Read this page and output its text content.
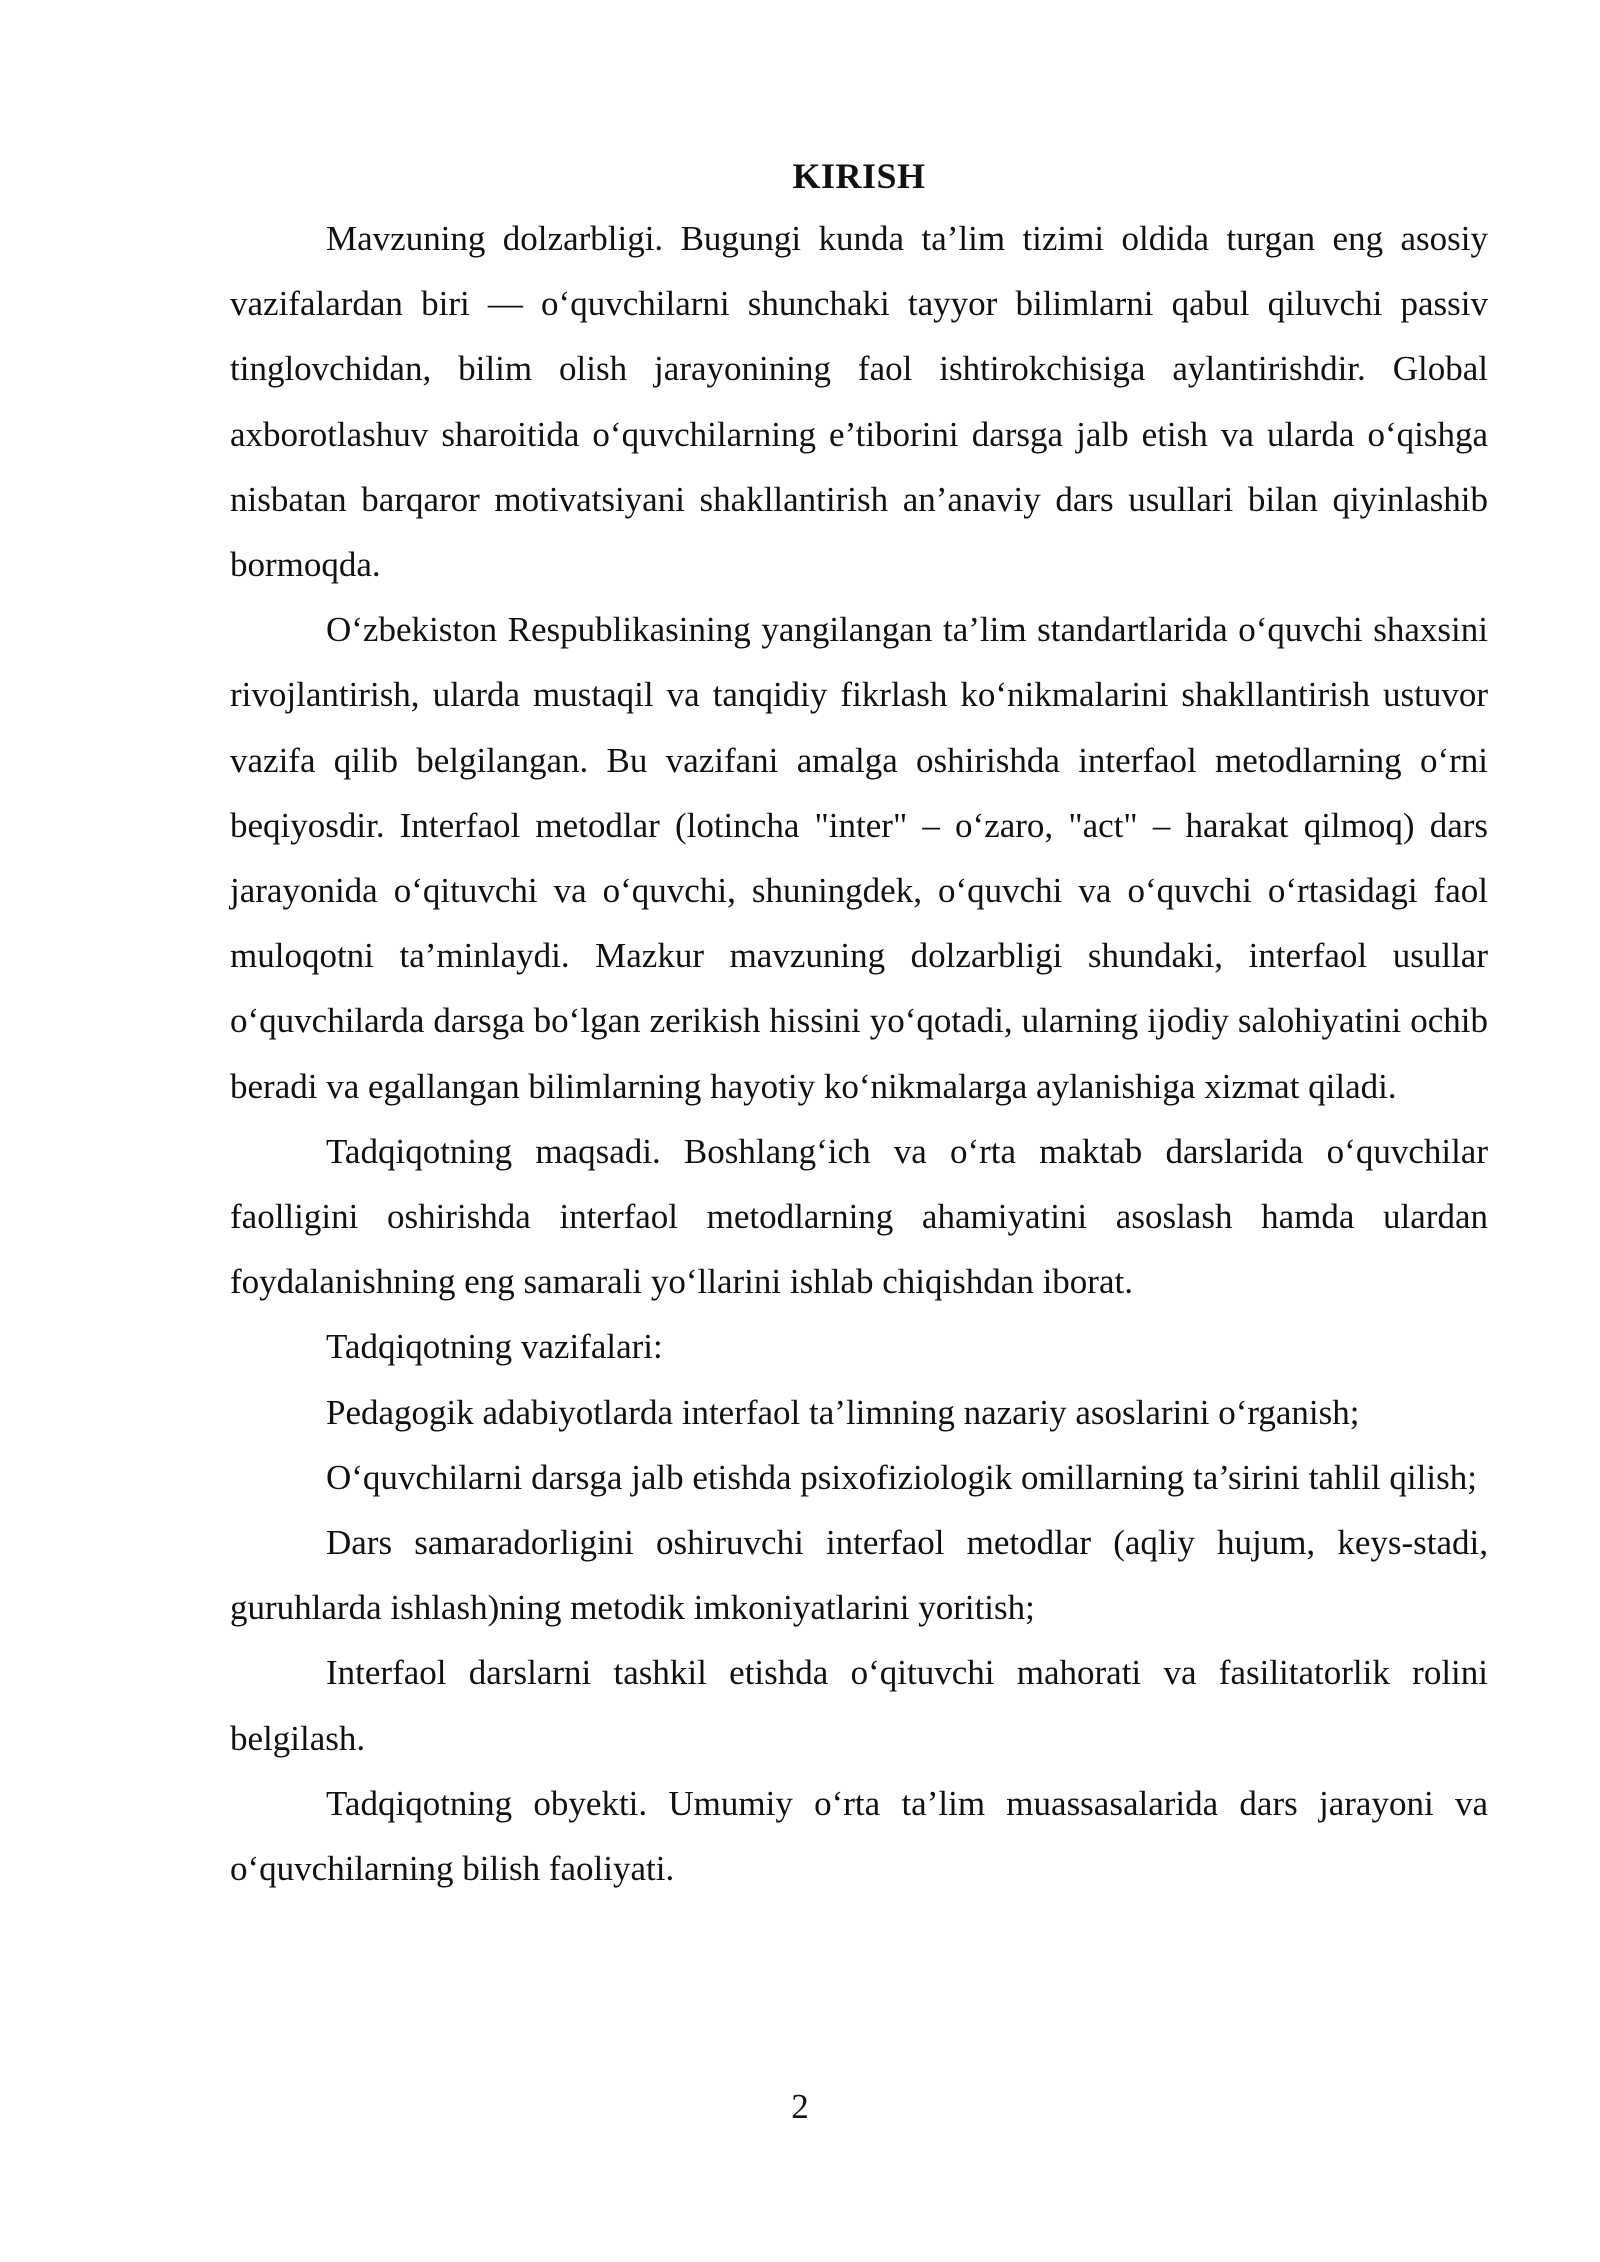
KIRISH

Mavzuning dolzarbligi. Bugungi kunda ta’lim tizimi oldida turgan eng asosiy vazifalardan biri — o‘quvchilarni shunchaki tayyor bilimlarni qabul qiluvchi passiv tinglovchidan, bilim olish jarayonining faol ishtirokchisiga aylantirishdir. Global axborotlashuv sharoitida o‘quvchilarning e’tiborini darsga jalb etish va ularda o‘qishga nisbatan barqaror motivatsiyani shakllantirish an’anaviy dars usullari bilan qiyinlashib bormoqda.

O‘zbekiston Respublikasining yangilangan ta’lim standartlarida o‘quvchi shaxsini rivojlantirish, ularda mustaqil va tanqidiy fikrlash ko‘nikmalarini shakllantirish ustuvor vazifa qilib belgilangan. Bu vazifani amalga oshirishda interfaol metodlarning o‘rni beqiyosdir. Interfaol metodlar (lotincha "inter" – o‘zaro, "act" – harakat qilmoq) dars jarayonida o‘qituvchi va o‘quvchi, shuningdek, o‘quvchi va o‘quvchi o‘rtasidagi faol muloqotni ta’minlaydi. Mazkur mavzuning dolzarbligi shundaki, interfaol usullar o‘quvchilarda darsga bo‘lgan zerikish hissini yo‘qotadi, ularning ijodiy salohiyatini ochib beradi va egallangan bilimlarning hayotiy ko‘nikmalarga aylanishiga xizmat qiladi.

Tadqiqotning maqsadi. Boshlang‘ich va o‘rta maktab darslarida o‘quvchilar faolligini oshirishda interfaol metodlarning ahamiyatini asoslash hamda ulardan foydalanishning eng samarali yo‘llarini ishlab chiqishdan iborat.

Tadqiqotning vazifalari:

Pedagogik adabiyotlarda interfaol ta’limning nazariy asoslarini o‘rganish;

O‘quvchilarni darsga jalb etishda psixofiziologik omillarning ta’sirini tahlil qilish;

Dars samaradorligini oshiruvchi interfaol metodlar (aqliy hujum, keys-stadi, guruhlarda ishlash)ning metodik imkoniyatlarini yoritish;

Interfaol darslarni tashkil etishda o‘qituvchi mahorati va fasilitatorlik rolini belgilash.

Tadqiqotning obyekti. Umumiy o‘rta ta’lim muassasalarida dars jarayoni va o‘quvchilarning bilish faoliyati.

2
